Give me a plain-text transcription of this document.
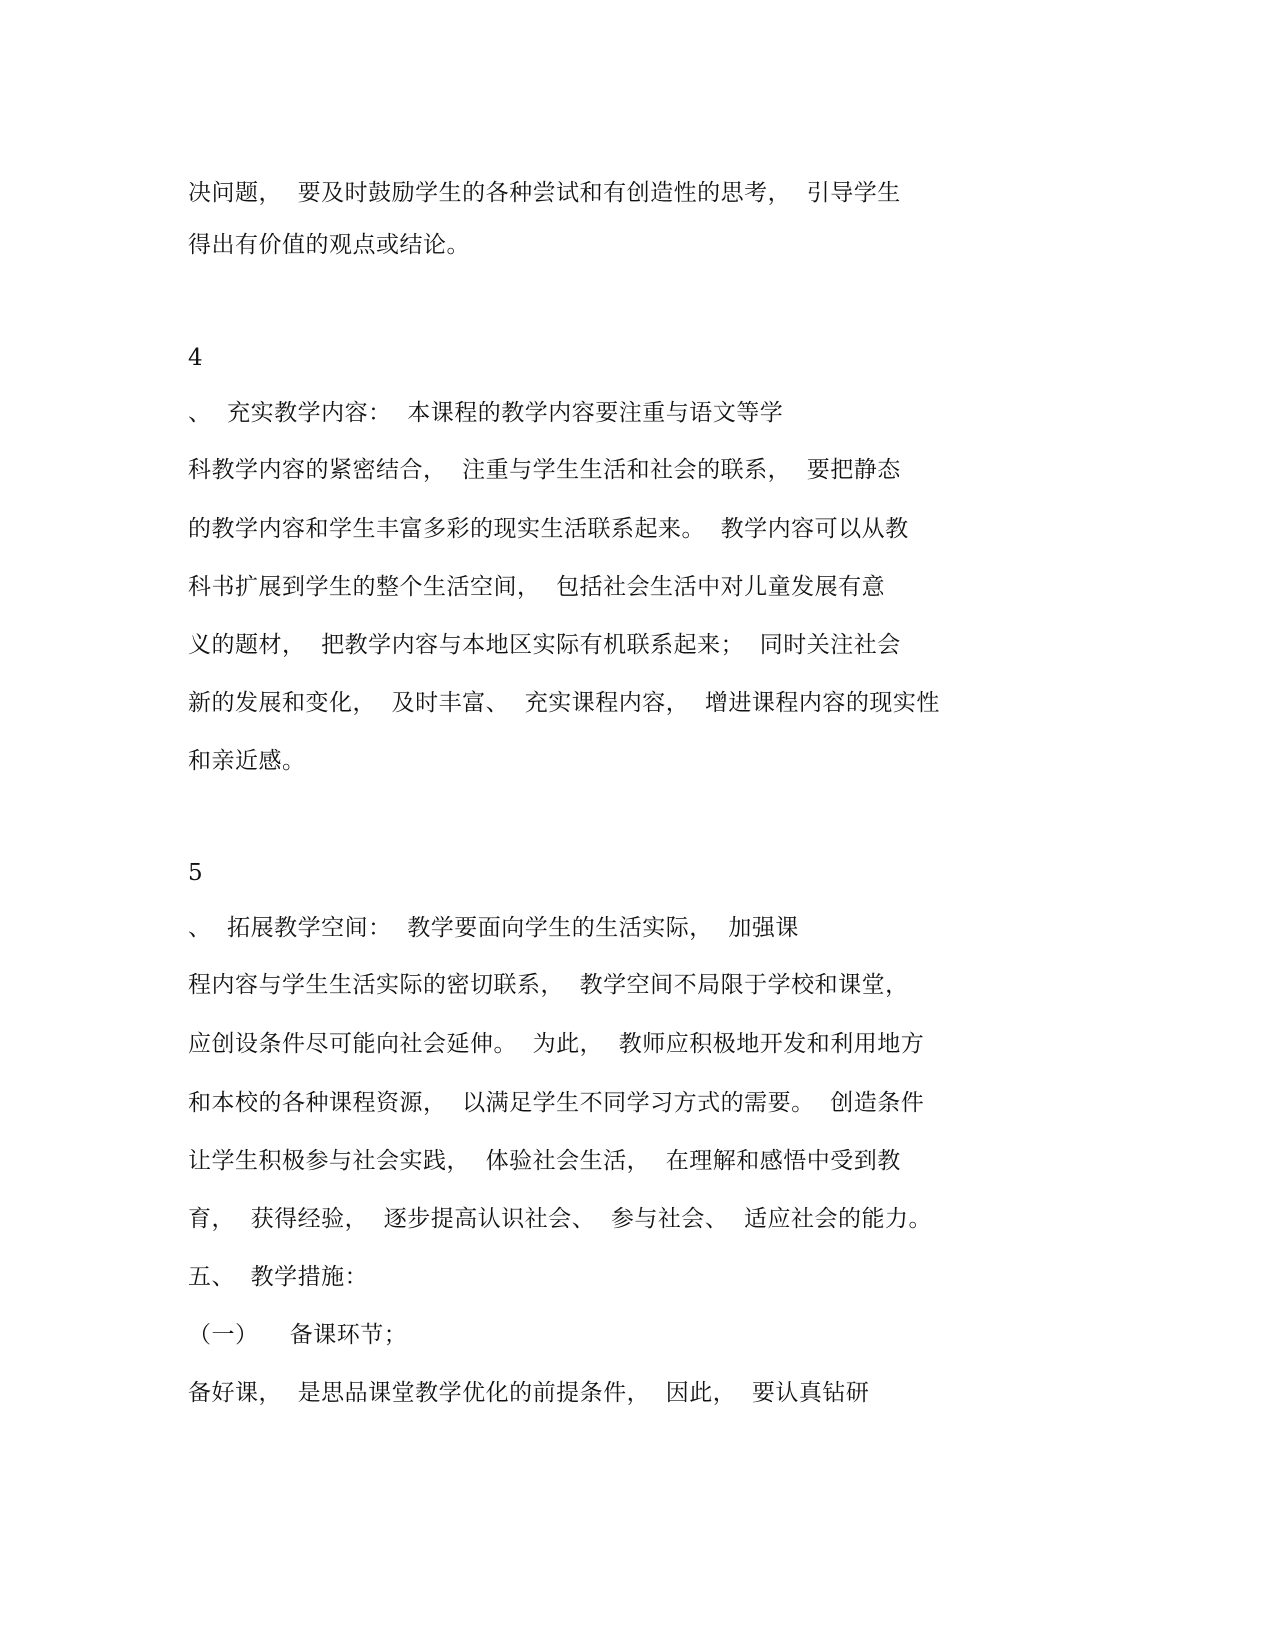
决问题，  要及时鼓励学生的各种尝试和有创造性的思考，  引导学生
得出有价值的观点或结论。
4
、  充实教学内容：  本课程的教学内容要注重与语文等学
科教学内容的紧密结合，  注重与学生生活和社会的联系，  要把静态
的教学内容和学生丰富多彩的现实生活联系起来。  教学内容可以从教
科书扩展到学生的整个生活空间，  包括社会生活中对儿童发展有意
义的题材，  把教学内容与本地区实际有机联系起来；  同时关注社会
新的发展和变化，  及时丰富、  充实课程内容，  增进课程内容的现实性
和亲近感。
5
、  拓展教学空间：  教学要面向学生的生活实际，  加强课
程内容与学生生活实际的密切联系，  教学空间不局限于学校和课堂，
应创设条件尽可能向社会延伸。  为此，  教师应积极地开发和利用地方
和本校的各种课程资源，  以满足学生不同学习方式的需要。  创造条件
让学生积极参与社会实践，  体验社会生活，  在理解和感悟中受到教
育，  获得经验，  逐步提高认识社会、  参与社会、  适应社会的能力。
五、  教学措施：
（一）    备课环节；
备好课，  是思品课堂教学优化的前提条件，  因此，  要认真钻研
